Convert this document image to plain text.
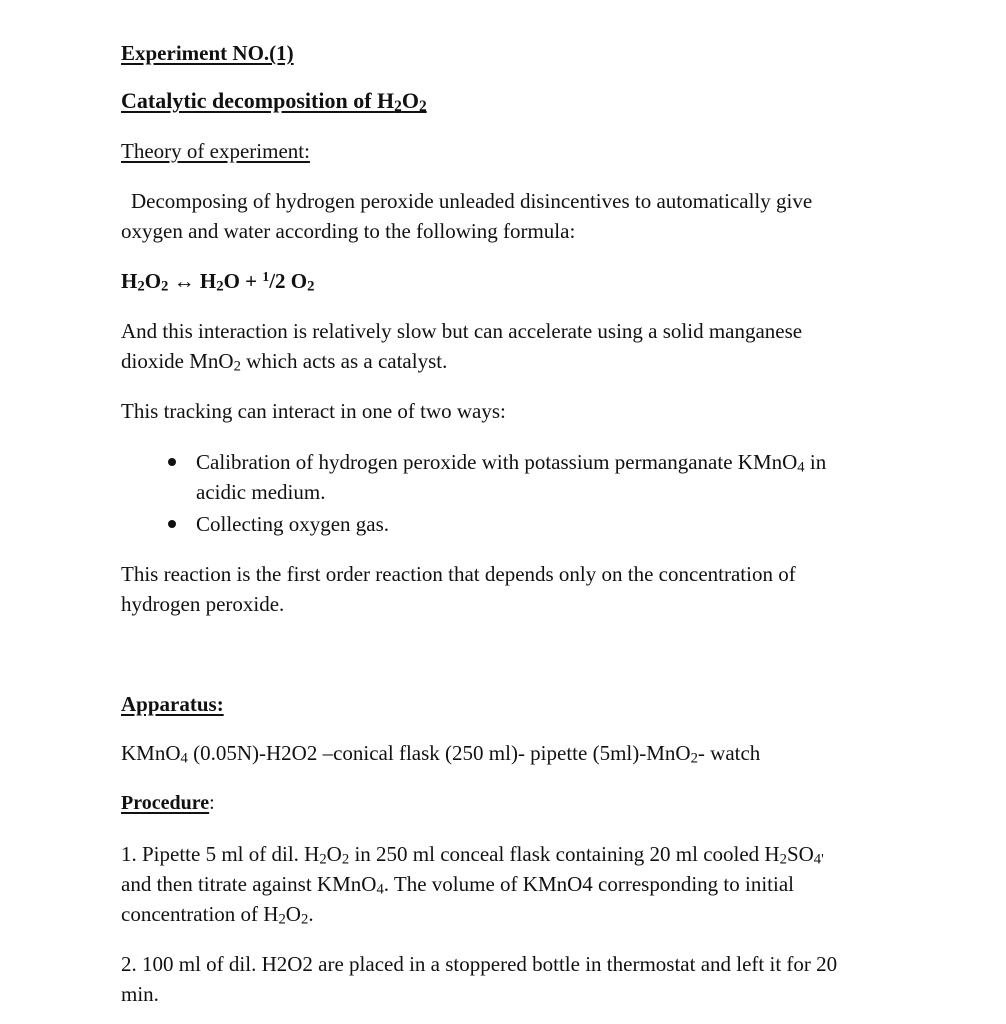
Experiment NO.(1)
Catalytic decomposition of $H_2O_2$
Theory of experiment:
Decomposing of hydrogen peroxide unleaded disincentives to automatically give
oxygen and water according to the following formula:
$H_2O_2$ ↔ $H_2O + ^1/2$ $O_2$
And this interaction is relatively slow but can accelerate using a solid manganese
dioxide MnO$_2$ which acts as a catalyst.
This tracking can interact in one of two ways:
Calibration of hydrogen peroxide with potassium permanganate KMnO$_4$ in
acidic medium.
Collecting oxygen gas.
This reaction is the first order reaction that depends only on the concentration of
hydrogen peroxide.
Apparatus:
KMnO$_4$ (0.05N)-H2O2 –conical flask (250 ml)- pipette (5ml)-MnO$_2$- watch
Procedure:
1. Pipette 5 ml of dil. $H_2O_2$ in 250 ml conceal flask containing 20 ml cooled $H_2SO_{4'}$
and then titrate against KMnO$_4$. The volume of KMnO4 corresponding to initial
concentration of $H_2O_2$.
2. 100 ml of dil. H2O2 are placed in a stoppered bottle in thermostat and left it for 20
min.
